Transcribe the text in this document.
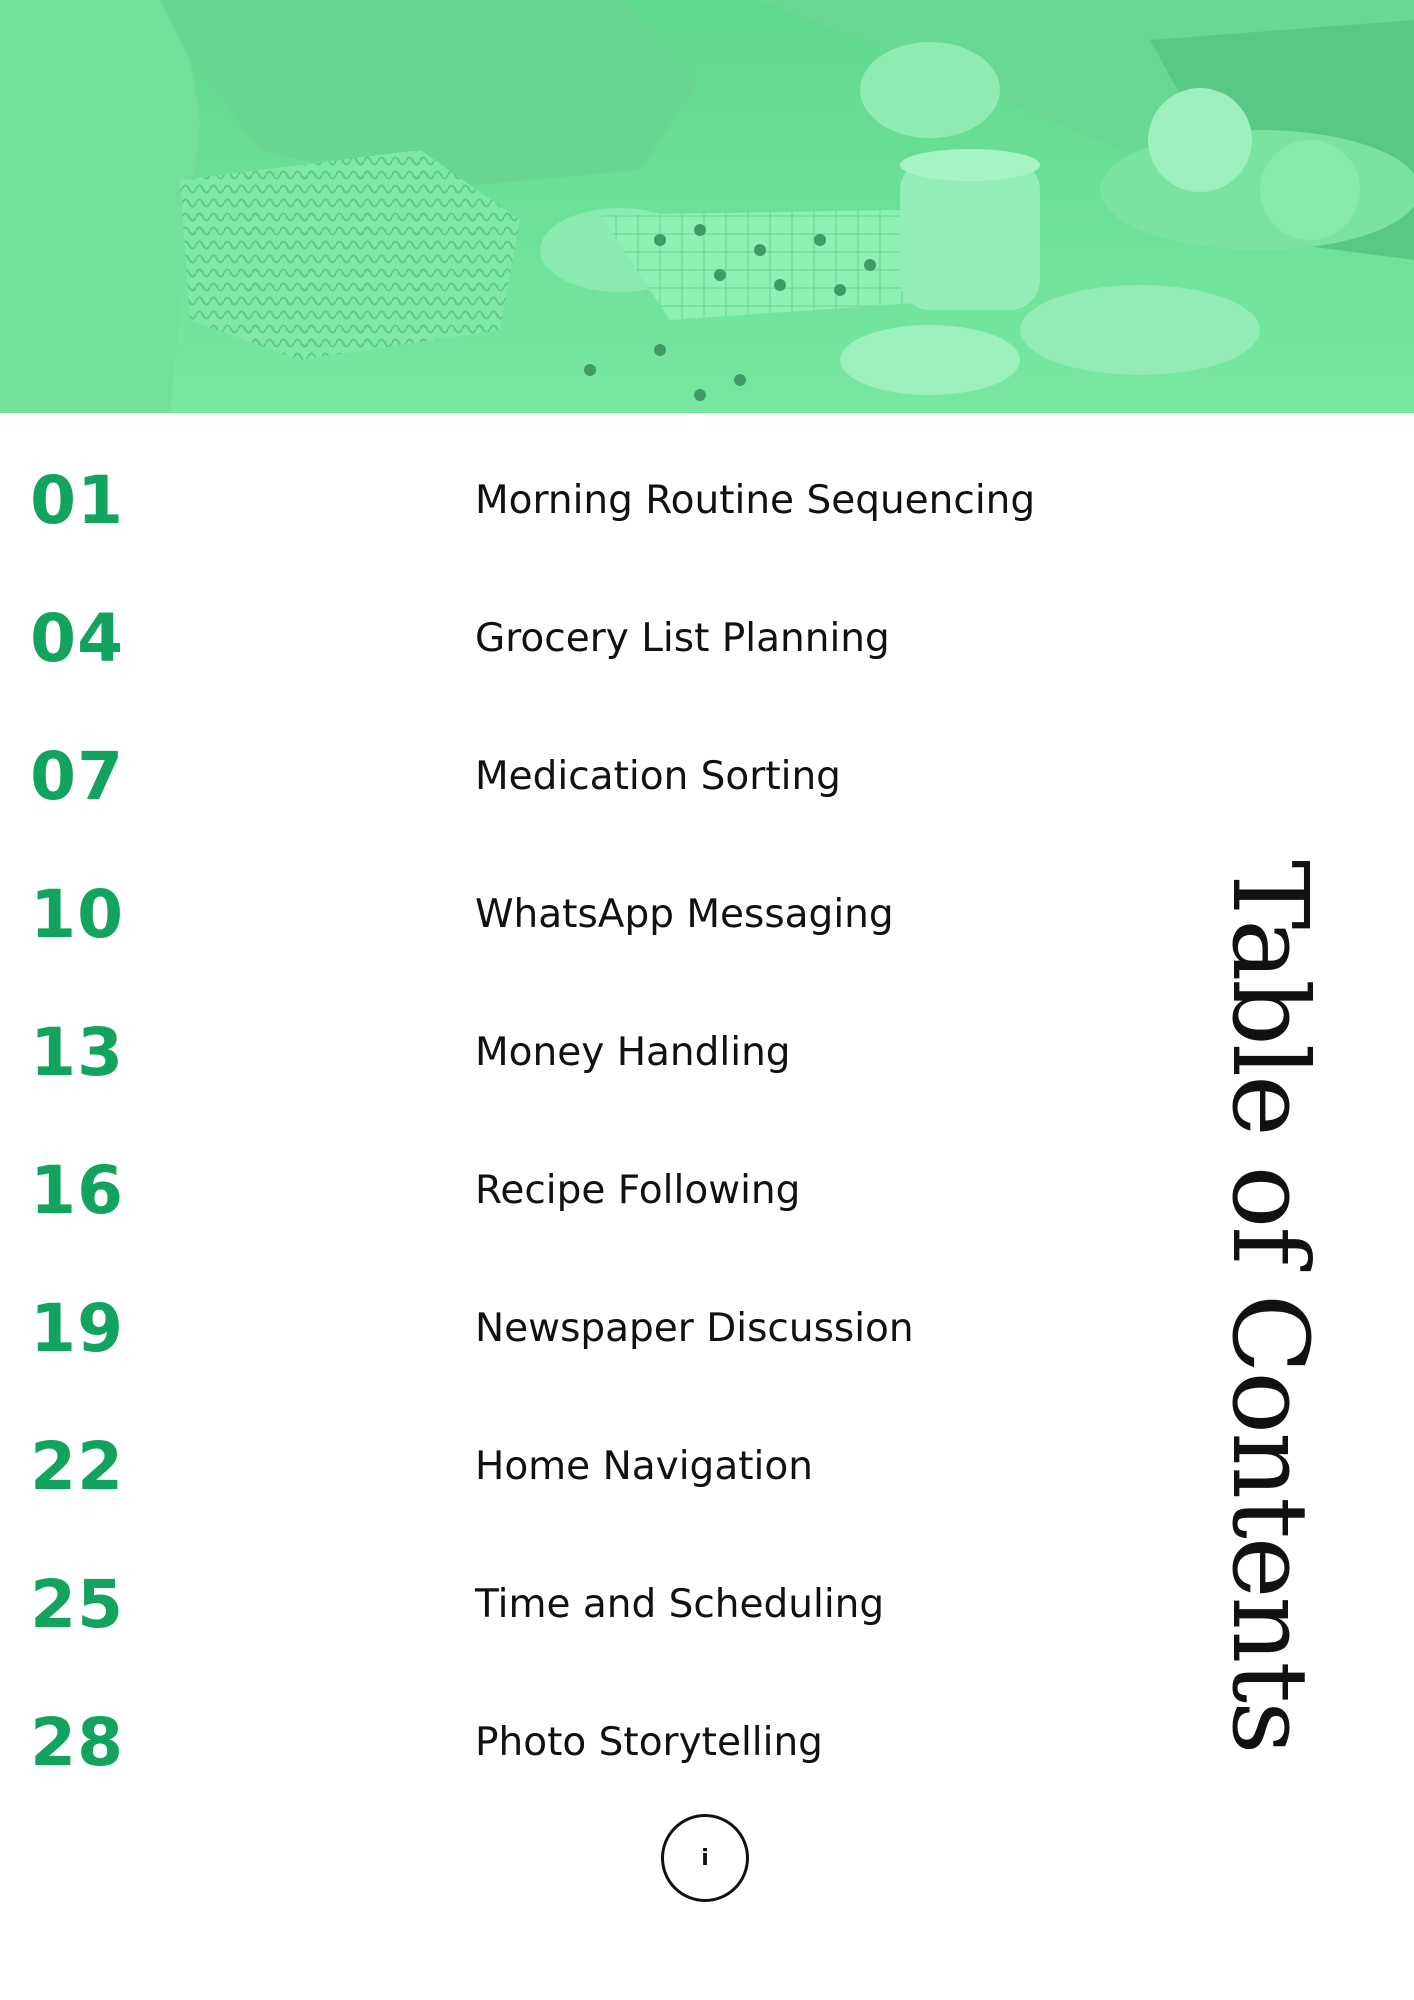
01	Morning Routine Sequencing
04	Grocery List Planning
07	Medication Sorting
10	WhatsApp Messaging
13	Money Handling
16	Recipe Following
19	Newspaper Discussion
22	Home Navigation
25	Time and Scheduling
28	Photo Storytelling	Table of Contents
i
